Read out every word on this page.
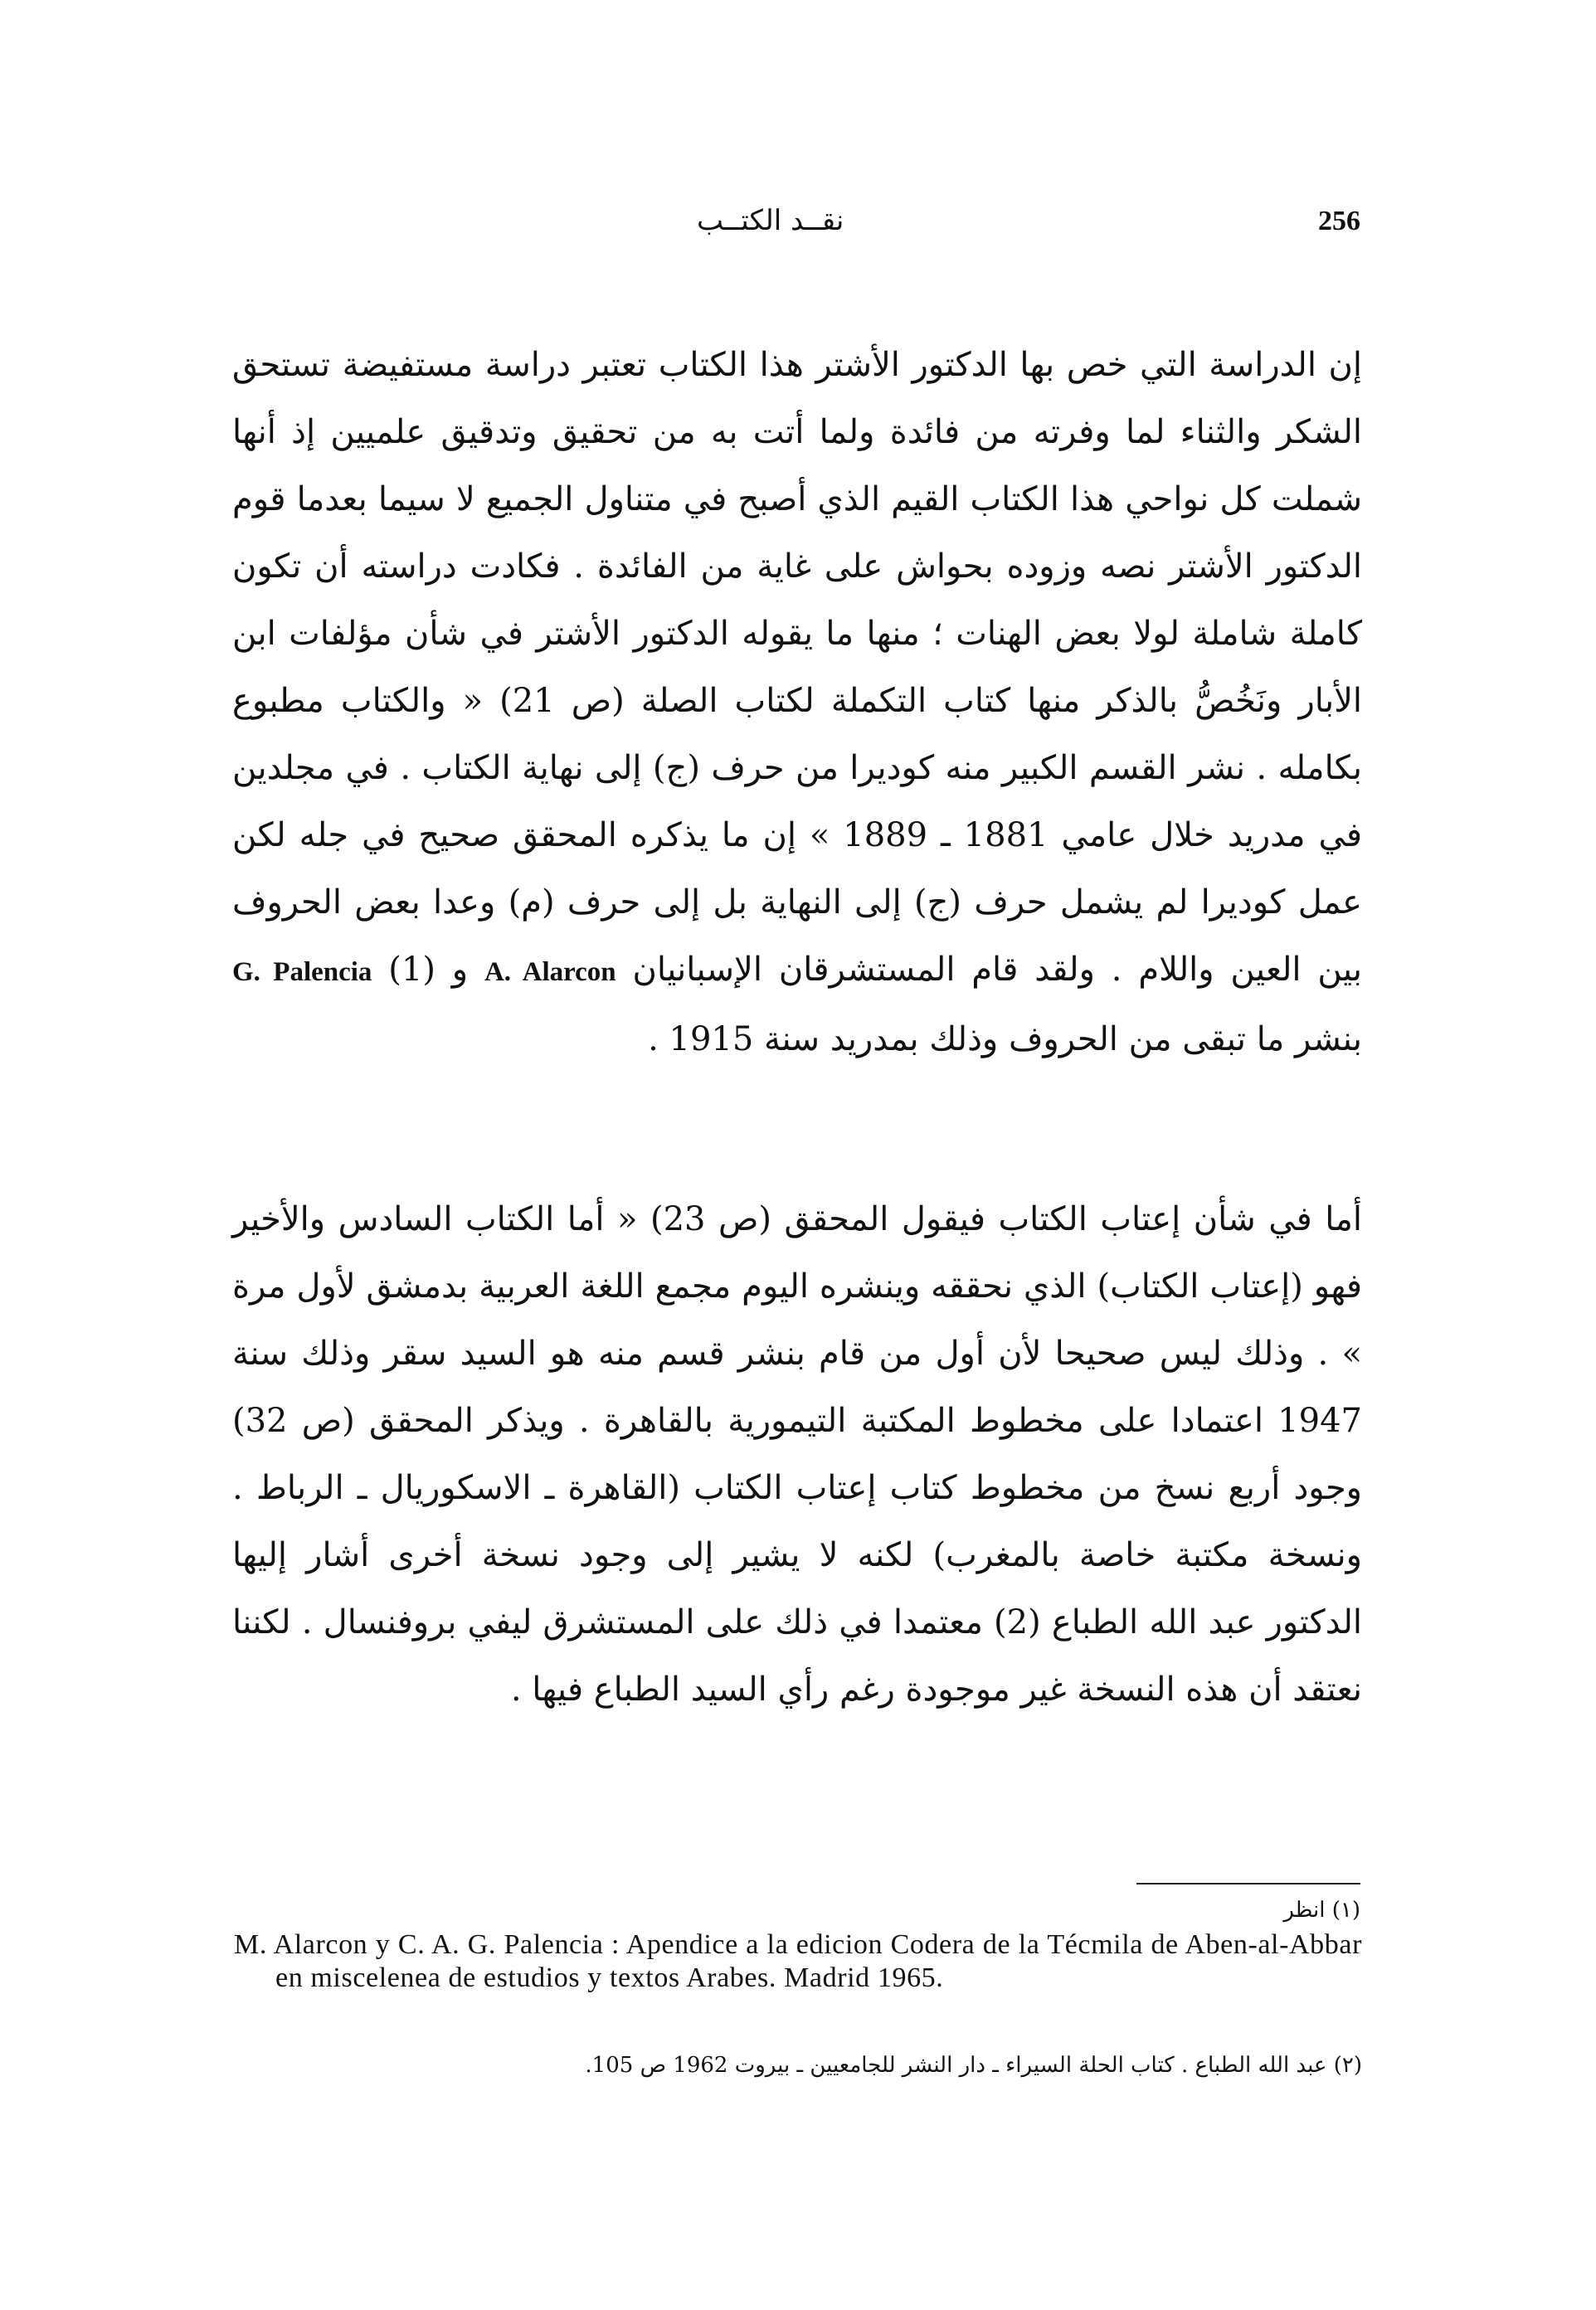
نقــد الكتــب	256

إن الدراسة التي خص بها الدكتور الأشتر هذا الكتاب تعتبر دراسة مستفيضة تستحق الشكر والثناء لما وفرته من فائدة ولما أتت به من تحقيق وتدقيق علميين إذ أنها شملت كل نواحي هذا الكتاب القيم الذي أصبح في متناول الجميع لا سيما بعدما قوم الدكتور الأشتر نصه وزوده بحواش على غاية من الفائدة . فكادت دراسته أن تكون كاملة شاملة لولا بعض الهنات ؛ منها ما يقوله الدكتور الأشتر في شأن مؤلفات ابن الأبار ونَخُصُّ بالذكر منها كتاب التكملة لكتاب الصلة (ص 21) « والكتاب مطبوع بكامله . نشر القسم الكبير منه كوديرا من حرف (ج) إلى نهاية الكتاب . في مجلدين في مدريد خلال عامي 1881 ـ 1889 » إن ما يذكره المحقق صحيح في جله لكن عمل كوديرا لم يشمل حرف (ج) إلى النهاية بل إلى حرف (م) وعدا بعض الحروف بين العين واللام . ولقد قام المستشرقان الإسبانيان A. Alarcon و G. Palencia (1) بنشر ما تبقى من الحروف وذلك بمدريد سنة 1915 .

أما في شأن إعتاب الكتاب فيقول المحقق (ص 23) « أما الكتاب السادس والأخير فهو (إعتاب الكتاب) الذي نحققه وينشره اليوم مجمع اللغة العربية بدمشق لأول مرة » . وذلك ليس صحيحا لأن أول من قام بنشر قسم منه هو السيد سقر وذلك سنة 1947 اعتمادا على مخطوط المكتبة التيمورية بالقاهرة . ويذكر المحقق (ص 32) وجود أربع نسخ من مخطوط كتاب إعتاب الكتاب (القاهرة ـ الاسكوريال ـ الرباط . ونسخة مكتبة خاصة بالمغرب) لكنه لا يشير إلى وجود نسخة أخرى أشار إليها الدكتور عبد الله الطباع (2) معتمدا في ذلك على المستشرق ليفي بروفنسال . لكننا نعتقد أن هذه النسخة غير موجودة رغم رأي السيد الطباع فيها .

(١) انظر
M. Alarcon y C. A. G. Palencia : Apendice a la edicion Codera de la Técmila de Aben-al-Abbar en miscelenea de estudios y textos Arabes. Madrid 1965.
(٢) عبد الله الطباع . كتاب الحلة السيراء ـ دار النشر للجامعيين ـ بيروت 1962 ص 105.
